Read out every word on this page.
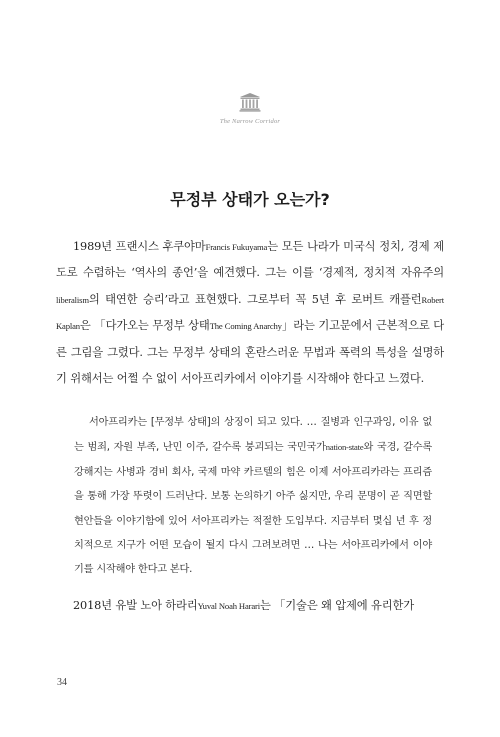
The Narrow Corridor
무정부 상태가 오는가?

1989년 프랜시스 후쿠야마Francis Fukuyama는 모든 나라가 미국식 정치, 경제 제도로 수렴하는 ‘역사의 종언’을 예견했다. 그는 이를 ‘경제적, 정치적 자유주의liberalism의 태연한 승리’라고 표현했다. 그로부터 꼭 5년 후 로버트 캐플런Robert Kaplan은 「다가오는 무정부 상태The Coming Anarchy」라는 기고문에서 근본적으로 다른 그림을 그렸다. 그는 무정부 상태의 혼란스러운 무법과 폭력의 특성을 설명하기 위해서는 어쩔 수 없이 서아프리카에서 이야기를 시작해야 한다고 느꼈다.

서아프리카는 [무정부 상태]의 상징이 되고 있다. … 질병과 인구과잉, 이유 없는 범죄, 자원 부족, 난민 이주, 갈수록 붕괴되는 국민국가nation-state와 국경, 갈수록 강해지는 사병과 경비 회사, 국제 마약 카르텔의 힘은 이제 서아프리카라는 프리즘을 통해 가장 뚜렷이 드러난다. 보통 논의하기 아주 싫지만, 우리 문명이 곧 직면할 현안들을 이야기함에 있어 서아프리카는 적절한 도입부다. 지금부터 몇십 년 후 정치적으로 지구가 어떤 모습이 될지 다시 그려보려면 … 나는 서아프리카에서 이야기를 시작해야 한다고 본다.

2018년 유발 노아 하라리Yuval Noah Harari는 「기술은 왜 압제에 유리한가

34
